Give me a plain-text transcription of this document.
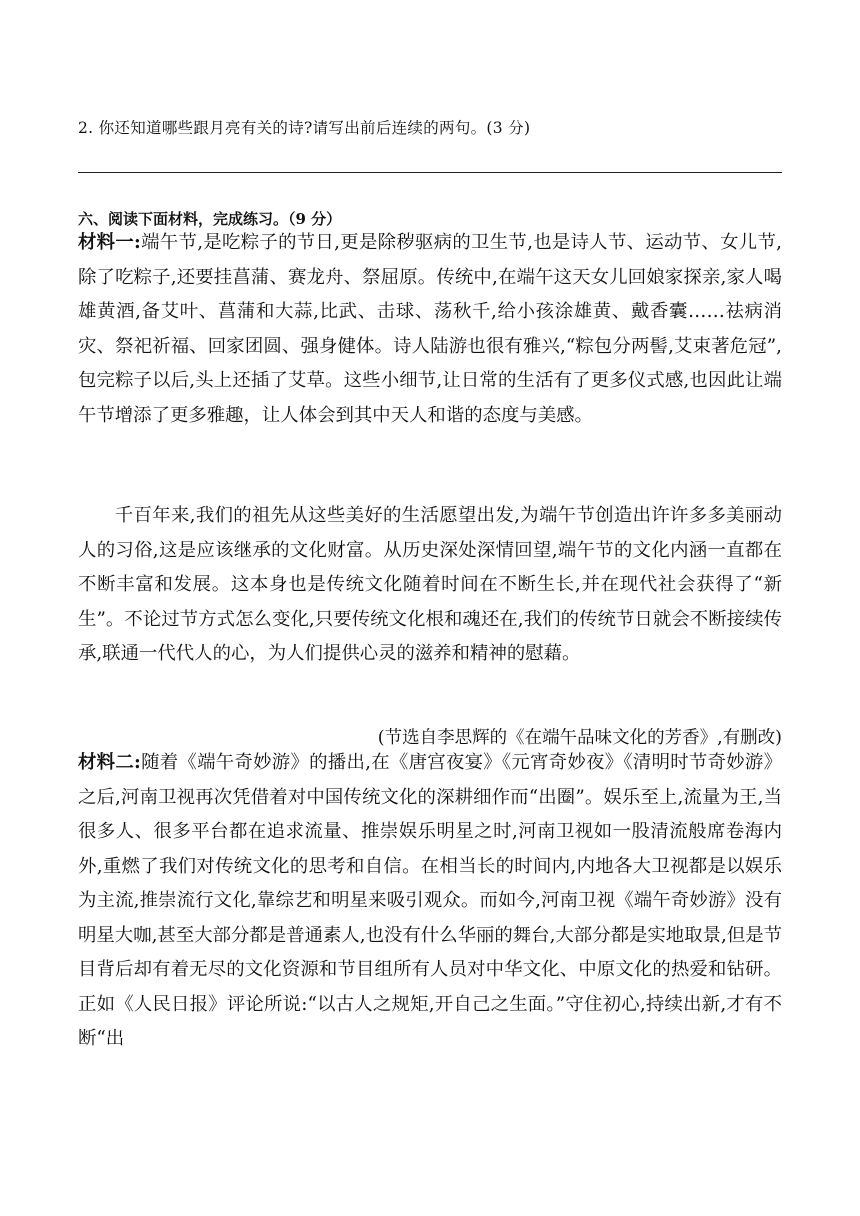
2. 你还知道哪些跟月亮有关的诗?请写出前后连续的两句。(3 分)
六、阅读下面材料，完成练习。（9 分）
材料一:端午节,是吃粽子的节日,更是除秽驱病的卫生节,也是诗人节、运动节、女儿节,除了吃粽子,还要挂菖蒲、赛龙舟、祭屈原。传统中,在端午这天女儿回娘家探亲,家人喝雄黄酒,备艾叶、菖蒲和大蒜,比武、击球、荡秋千,给小孩涂雄黄、戴香囊……祛病消灾、祭祀祈福、回家团圆、强身健体。诗人陆游也很有雅兴,“粽包分两髻,艾束著危冠”,包完粽子以后,头上还插了艾草。这些小细节,让日常的生活有了更多仪式感,也因此让端午节增添了更多雅趣，让人体会到其中天人和谐的态度与美感。
千百年来,我们的祖先从这些美好的生活愿望出发,为端午节创造出许许多多美丽动人的习俗,这是应该继承的文化财富。从历史深处深情回望,端午节的文化内涵一直都在不断丰富和发展。这本身也是传统文化随着时间在不断生长,并在现代社会获得了“新生”。不论过节方式怎么变化,只要传统文化根和魂还在,我们的传统节日就会不断接续传承,联通一代代人的心，为人们提供心灵的滋养和精神的慰藉。
(节选自李思辉的《在端午品味文化的芳香》,有删改)
材料二:随着《端午奇妙游》的播出,在《唐宫夜宴》《元宵奇妙夜》《清明时节奇妙游》之后,河南卫视再次凭借着对中国传统文化的深耕细作而“出圈”。娱乐至上,流量为王,当很多人、很多平台都在追求流量、推崇娱乐明星之时,河南卫视如一股清流般席卷海内外,重燃了我们对传统文化的思考和自信。在相当长的时间内,内地各大卫视都是以娱乐为主流,推崇流行文化,靠综艺和明星来吸引观众。而如今,河南卫视《端午奇妙游》没有明星大咖,甚至大部分都是普通素人,也没有什么华丽的舞台,大部分都是实地取景,但是节目背后却有着无尽的文化资源和节目组所有人员对中华文化、中原文化的热爱和钻研。正如《人民日报》评论所说:“以古人之规矩,开自己之生面。”守住初心,持续出新,才有不断“出
